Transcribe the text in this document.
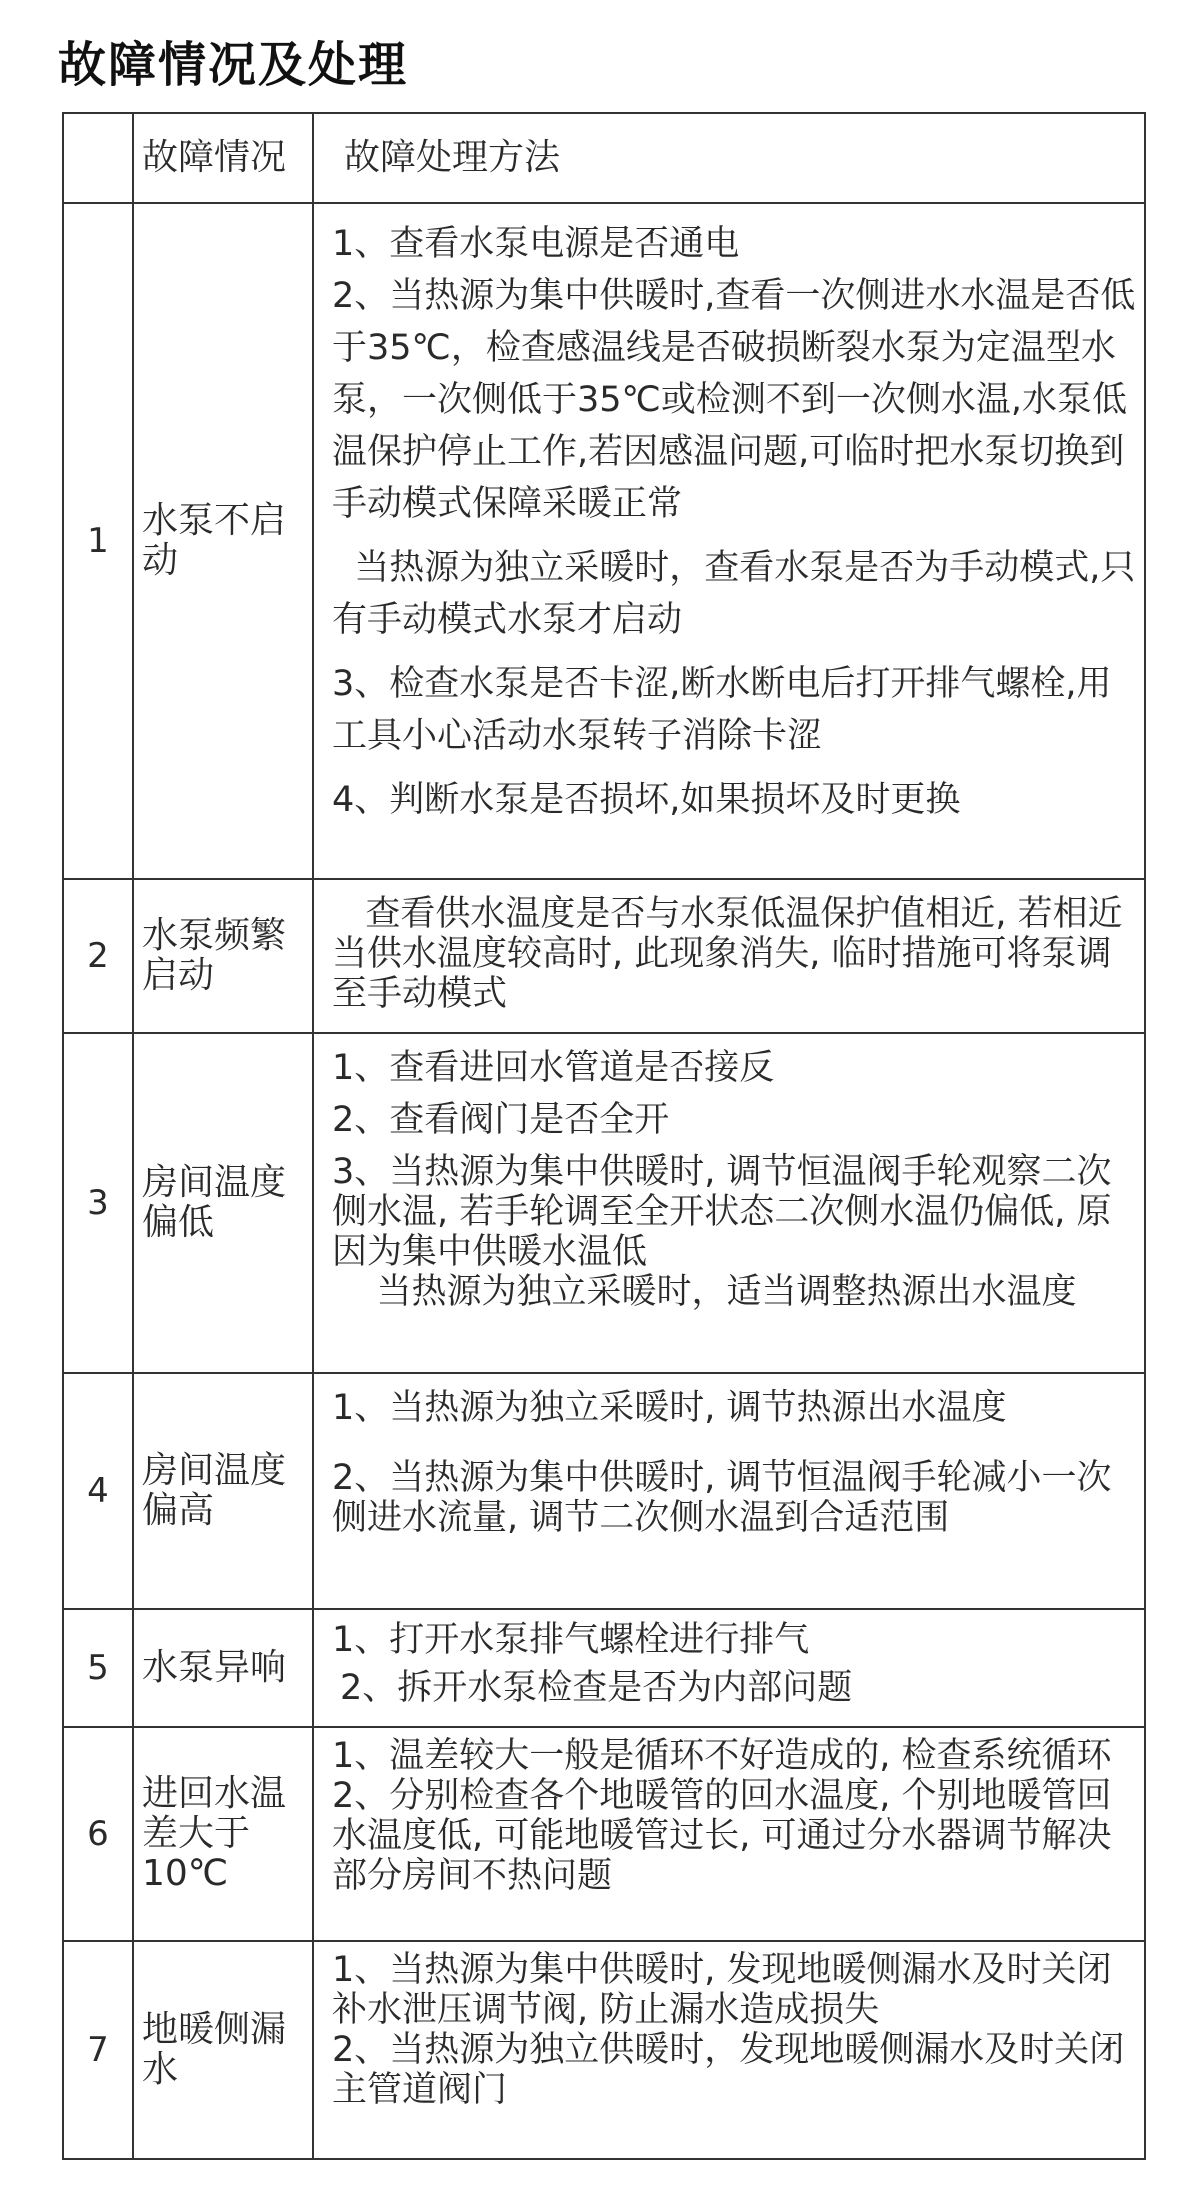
故障情况及处理
故障情况	故障处理方法
1 水泵不启动

1、查看水泵电源是否通电

2、当热源为集中供暖时,查看一次侧进水水温是否低于35℃，检查感温线是否破损断裂水泵为定温型水泵，一次侧低于35℃或检测不到一次侧水温,水泵低温保护停止工作,若因感温问题,可临时把水泵切换到手动模式保障采暖正常

当热源为独立采暖时，查看水泵是否为手动模式,只有手动模式水泵才启动

3、检查水泵是否卡涩,断水断电后打开排气螺栓,用工具小心活动水泵转子消除卡涩

4、判断水泵是否损坏,如果损坏及时更换

2 水泵频繁启动

查看供水温度是否与水泵低温保护值相近, 若相近当供水温度较高时, 此现象消失, 临时措施可将泵调至手动模式

3 房间温度偏低

1、查看进回水管道是否接反

2、查看阀门是否全开

3、当热源为集中供暖时, 调节恒温阀手轮观察二次侧水温, 若手轮调至全开状态二次侧水温仍偏低, 原因为集中供暖水温低

当热源为独立采暖时，适当调整热源出水温度

4 房间温度偏高

1、当热源为独立采暖时, 调节热源出水温度

2、当热源为集中供暖时, 调节恒温阀手轮减小一次侧进水流量, 调节二次侧水温到合适范围

5 水泵异响

1、打开水泵排气螺栓进行排气

2、拆开水泵检查是否为内部问题

6
进回水温差大于10℃

1、温差较大一般是循环不好造成的, 检查系统循环

2、分别检查各个地暖管的回水温度, 个别地暖管回水温度低, 可能地暖管过长, 可通过分水器调节解决部分房间不热问题

7 地暖侧漏水

1、当热源为集中供暖时, 发现地暖侧漏水及时关闭补水泄压调节阀, 防止漏水造成损失

2、当热源为独立供暖时，发现地暖侧漏水及时关闭主管道阀门
